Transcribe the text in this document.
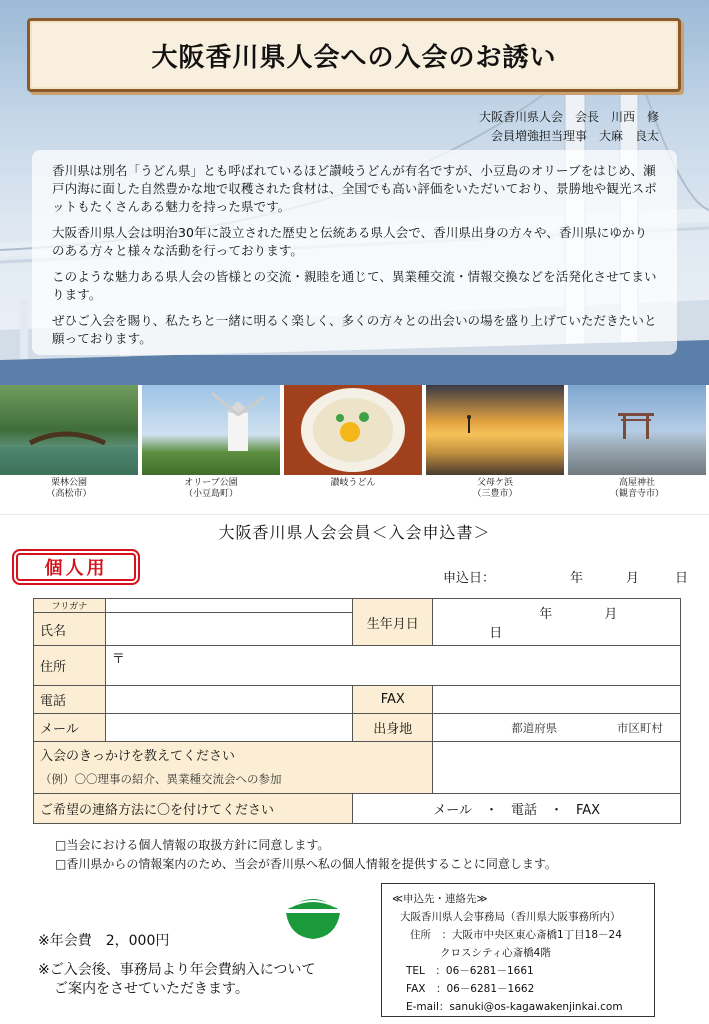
大阪香川県人会への入会のお誘い
大阪香川県人会　会長　川西　修
会員増強担当理事　大麻　良太

香川県は別名「うどん県」とも呼ばれているほど讃岐うどんが有名ですが、小豆島のオリーブをはじめ、瀬戸内海に面した自然豊かな地で収穫された食材は、全国でも高い評価をいただいており、景勝地や観光スポットもたくさんある魅力を持った県です。

大阪香川県人会は明治30年に設立された歴史と伝統ある県人会で、香川県出身の方々や、香川県にゆかりのある方々と様々な活動を行っております。

このような魅力ある県人会の皆様との交流・親睦を通じて、異業種交流・情報交換などを活発化させてまいります。

ぜひご入会を賜り、私たちと一緒に明るく楽しく、多くの方々との出会いの場を盛り上げていただきたいと願っております。

栗林公園
（高松市）
オリーブ公園
（小豆島町）
讃岐うどん	父母ケ浜
（三豊市）
高屋神社
（観音寺市）
大阪香川県人会会員＜入会申込書＞
個人用	申込日：	年	月	日
フリガナ		生年月日	年 月 日
氏名			
住所	〒		
電話		FAX	
メール		出身地	都道府県 市区町村

入会のきっかけを教えてください
（例）〇〇理事の紹介、異業種交流会への参加			

ご希望の連絡方法に〇を付けてください		メール　・　電話　・　FAX	
□当会における個人情報の取扱方針に同意します。
□香川県からの情報案内のため、当会が香川県へ私の個人情報を提供することに同意します。
※年会費　2，000円
※ご入会後、事務局より年会費納入について
ご案内をさせていただきます。
≪申込先・連絡先≫
大阪香川県人会事務局（香川県大阪事務所内）
住所　：大阪市中央区東心斎橋1丁目18－24
クロスシティ心斎橋4階
TEL　：06－6281－1661
FAX　：06－6281－1662
E-mail：sanuki@os-kagawakenjinkai.com
